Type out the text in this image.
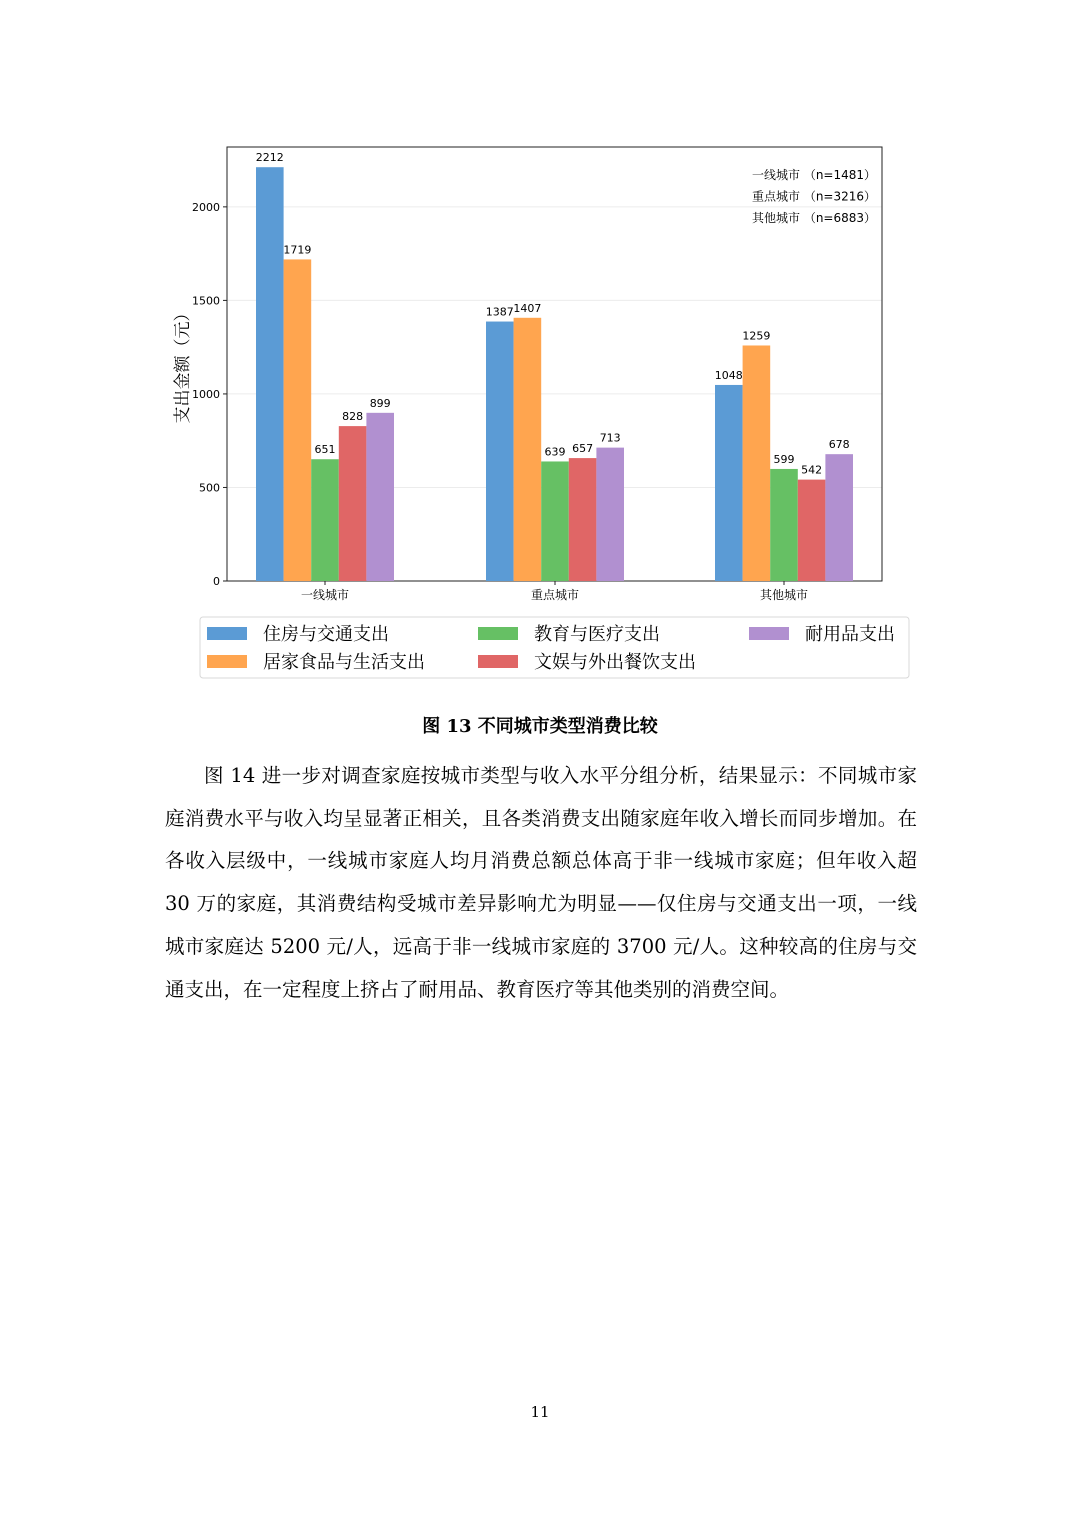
0
500
1000
1500
2000
支出金额（元）
2212
1719
651
828
899
一线城市
1387 1407
639 657
713
重点城市
1048
1259
599
542
678
其他城市
一线城市 （n=1481）
重点城市 （n=3216）
其他城市 （n=6883）
住房与交通支出
居家食品与生活支出
教育与医疗支出
文娱与外出餐饮支出
耐用品支出
图 13 不同城市类型消费比较

图 14 进一步对调查家庭按城市类型与收入水平分组分析，结果显示：不同城市家庭消费水平与收入均呈显著正相关，且各类消费支出随家庭年收入增长而同步增加。在各收入层级中，一线城市家庭人均月消费总额总体高于非一线城市家庭；但年收入超 30 万的家庭，其消费结构受城市差异影响尤为明显——仅住房与交通支出一项，一线城市家庭达 5200 元/人，远高于非一线城市家庭的 3700 元/人。这种较高的住房与交通支出，在一定程度上挤占了耐用品、教育医疗等其他类别的消费空间。

11
